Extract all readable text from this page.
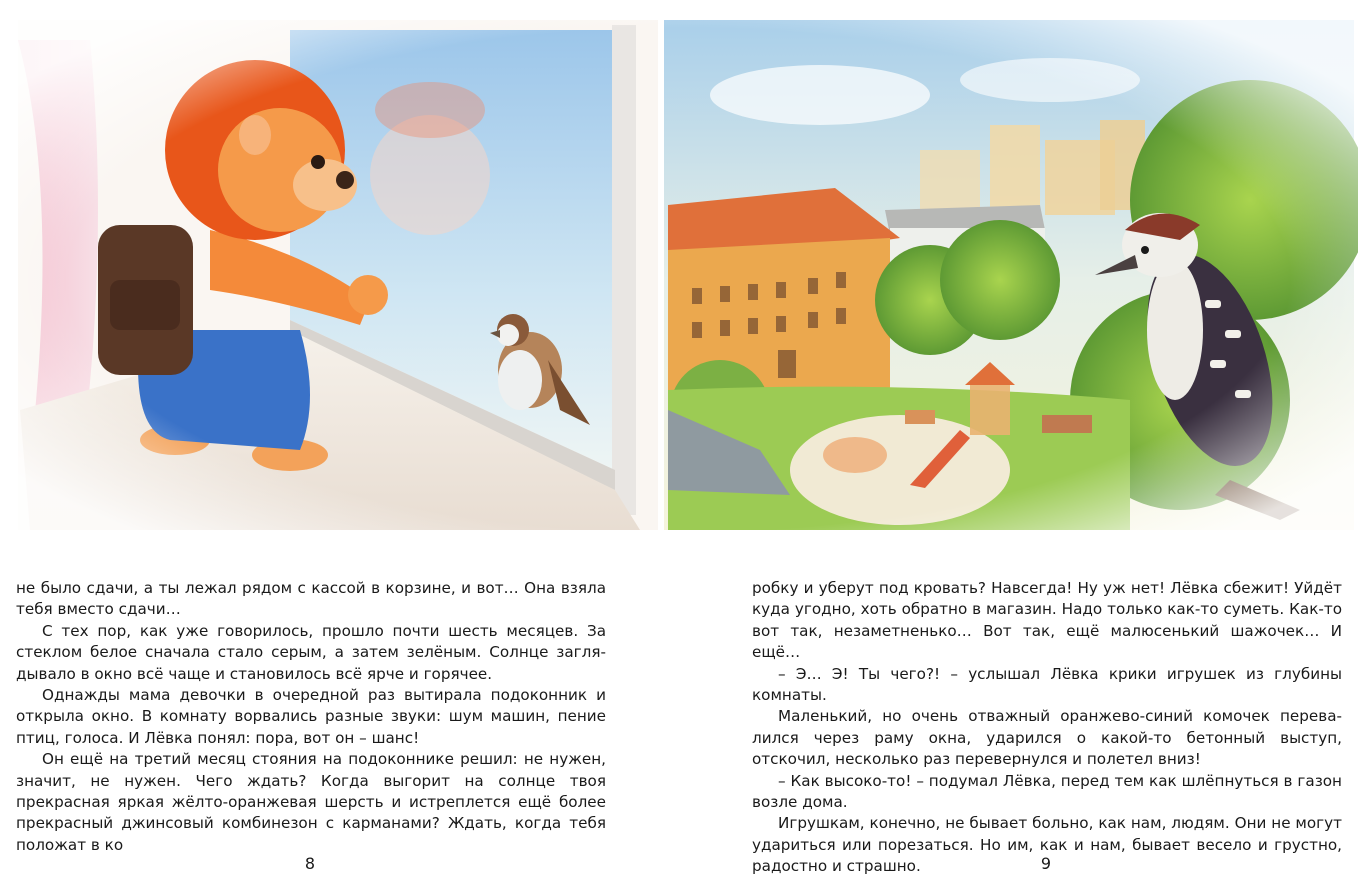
не было сдачи, а ты лежал рядом с кассой в корзине, и вот… Она взяла тебя вместо сдачи…

С тех пор, как уже говорилось, прошло почти шесть месяцев. За стеклом белое сначала стало серым, а затем зелёным. Солнце заглядывало в окно всё чаще и становилось всё ярче и горячее.

Однажды мама девочки в очередной раз вытирала подоконник и открыла окно. В комнату ворвались разные звуки: шум машин, пение птиц, голоса. И Лёвка понял: пора, вот он – шанс!

Он ещё на третий месяц стояния на подоконнике решил: не нужен, значит, не нужен. Чего ждать? Когда выгорит на солнце твоя прекрасная яркая жёлто-оранжевая шерсть и истреплется ещё более прекрасный джинсовый комбинезон с карманами? Ждать, когда тебя положат в ко

робку и уберут под кровать? Навсегда! Ну уж нет! Лёвка сбежит! Уйдёт куда угодно, хоть обратно в магазин. Надо только как-то суметь. Как-то вот так, незаметненько… Вот так, ещё малюсенький шажочек… И ещё…

– Э… Э! Ты чего?! – услышал Лёвка крики игрушек из глубины комнаты.

Маленький, но очень отважный оранжево-синий комочек перевалился через раму окна, ударился о какой-то бетонный выступ, отскочил, несколько раз перевернулся и полетел вниз!

– Как высоко-то! – подумал Лёвка, перед тем как шлёпнуться в газон возле дома.

Игрушкам, конечно, не бывает больно, как нам, людям. Они не могут удариться или порезаться. Но им, как и нам, бывает весело и грустно, радостно и страшно.

8	9
